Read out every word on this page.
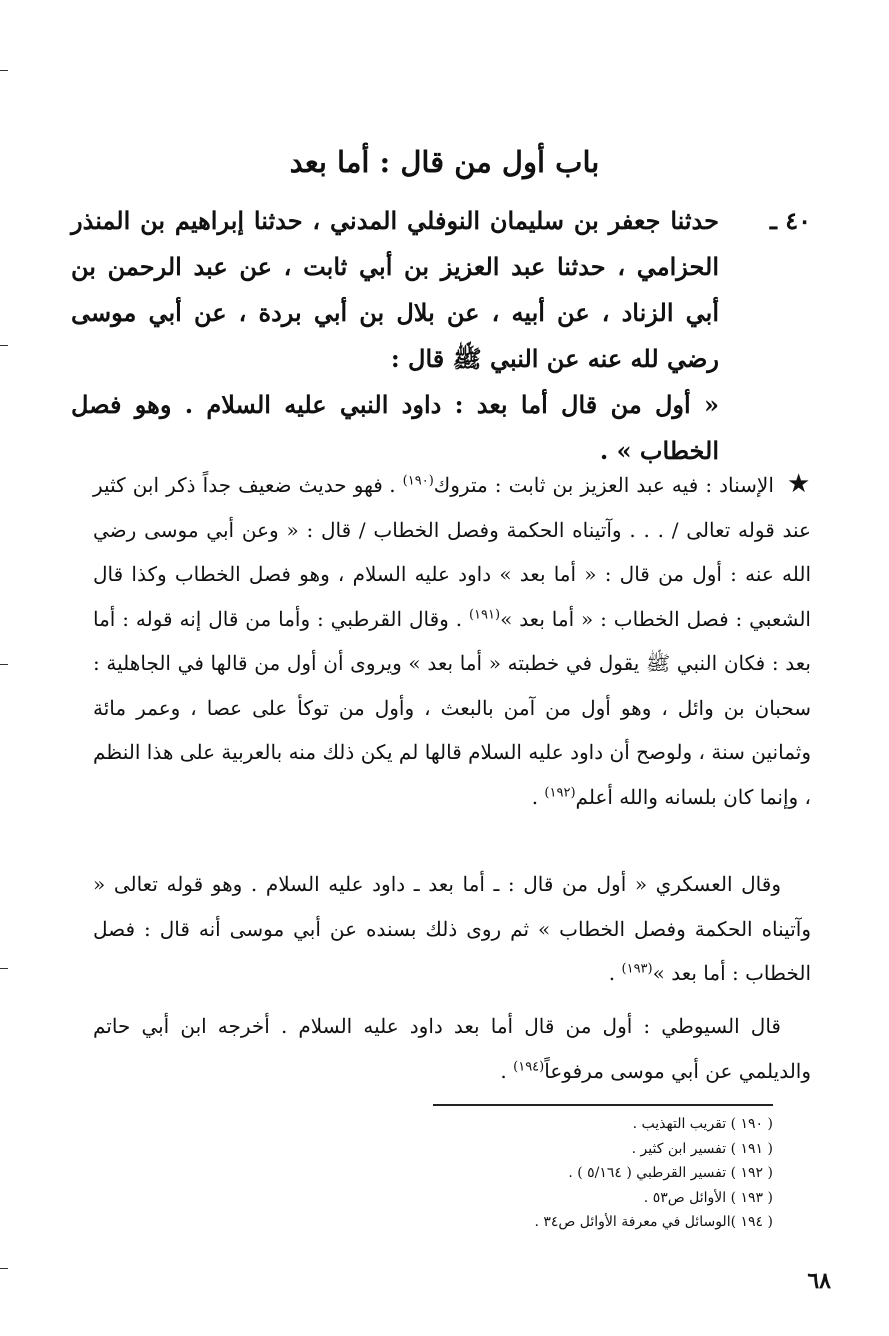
باب أول من قال : أما بعد
٤٠ ـ

حدثنا جعفر بن سليمان النوفلي المدني ، حدثنا إبراهيم بن المنذر الحزامي ، حدثنا عبد العزيز بن أبي ثابت ، عن عبد الرحمن بن أبي الزناد ، عن أبيه ، عن بلال بن أبي بردة ، عن أبي موسى رضي لله عنه عن النبي ﷺ قال :

« أول من قال أما بعد : داود النبي عليه السلام . وهو فصل الخطاب » .

★ الإسناد : فيه عبد العزيز بن ثابت : متروك$^{(١٩٠)}$ . فهو حديث ضعيف جداً ذكر ابن كثير عند قوله تعالى / . . . وآتيناه الحكمة وفصل الخطاب / قال : « وعن أبي موسى رضي الله عنه : أول من قال : « أما بعد » داود عليه السلام ، وهو فصل الخطاب وكذا قال الشعبي : فصل الخطاب : « أما بعد »$^{(١٩١)}$ . وقال القرطبي : وأما من قال إنه قوله : أما بعد : فكان النبي ﷺ يقول في خطبته « أما بعد » ويروى أن أول من قالها في الجاهلية : سحبان بن وائل ، وهو أول من آمن بالبعث ، وأول من توكأ على عصا ، وعمر مائة وثمانين سنة ، ولوصح أن داود عليه السلام قالها لم يكن ذلك منه بالعربية على هذا النظم ، وإنما كان بلسانه والله أعلم$^{(١٩٢)}$ .

وقال العسكري « أول من قال : ـ أما بعد ـ داود عليه السلام . وهو قوله تعالى « وآتيناه الحكمة وفصل الخطاب » ثم روى ذلك بسنده عن أبي موسى أنه قال : فصل الخطاب : أما بعد »$^{(١٩٣)}$ .

قال السيوطي : أول من قال أما بعد داود عليه السلام . أخرجه ابن أبي حاتم والديلمي عن أبي موسى مرفوعاً$^{(١٩٤)}$ .

( ١٩٠ ) تقريب التهذيب .
( ١٩١ ) تفسير ابن كثير .
( ١٩٢ ) تفسير القرطبي ( ٥/١٦٤ ) .
( ١٩٣ ) الأوائل ص٥٣ .
( ١٩٤ )الوسائل في معرفة الأوائل ص٣٤ .
٦٨
